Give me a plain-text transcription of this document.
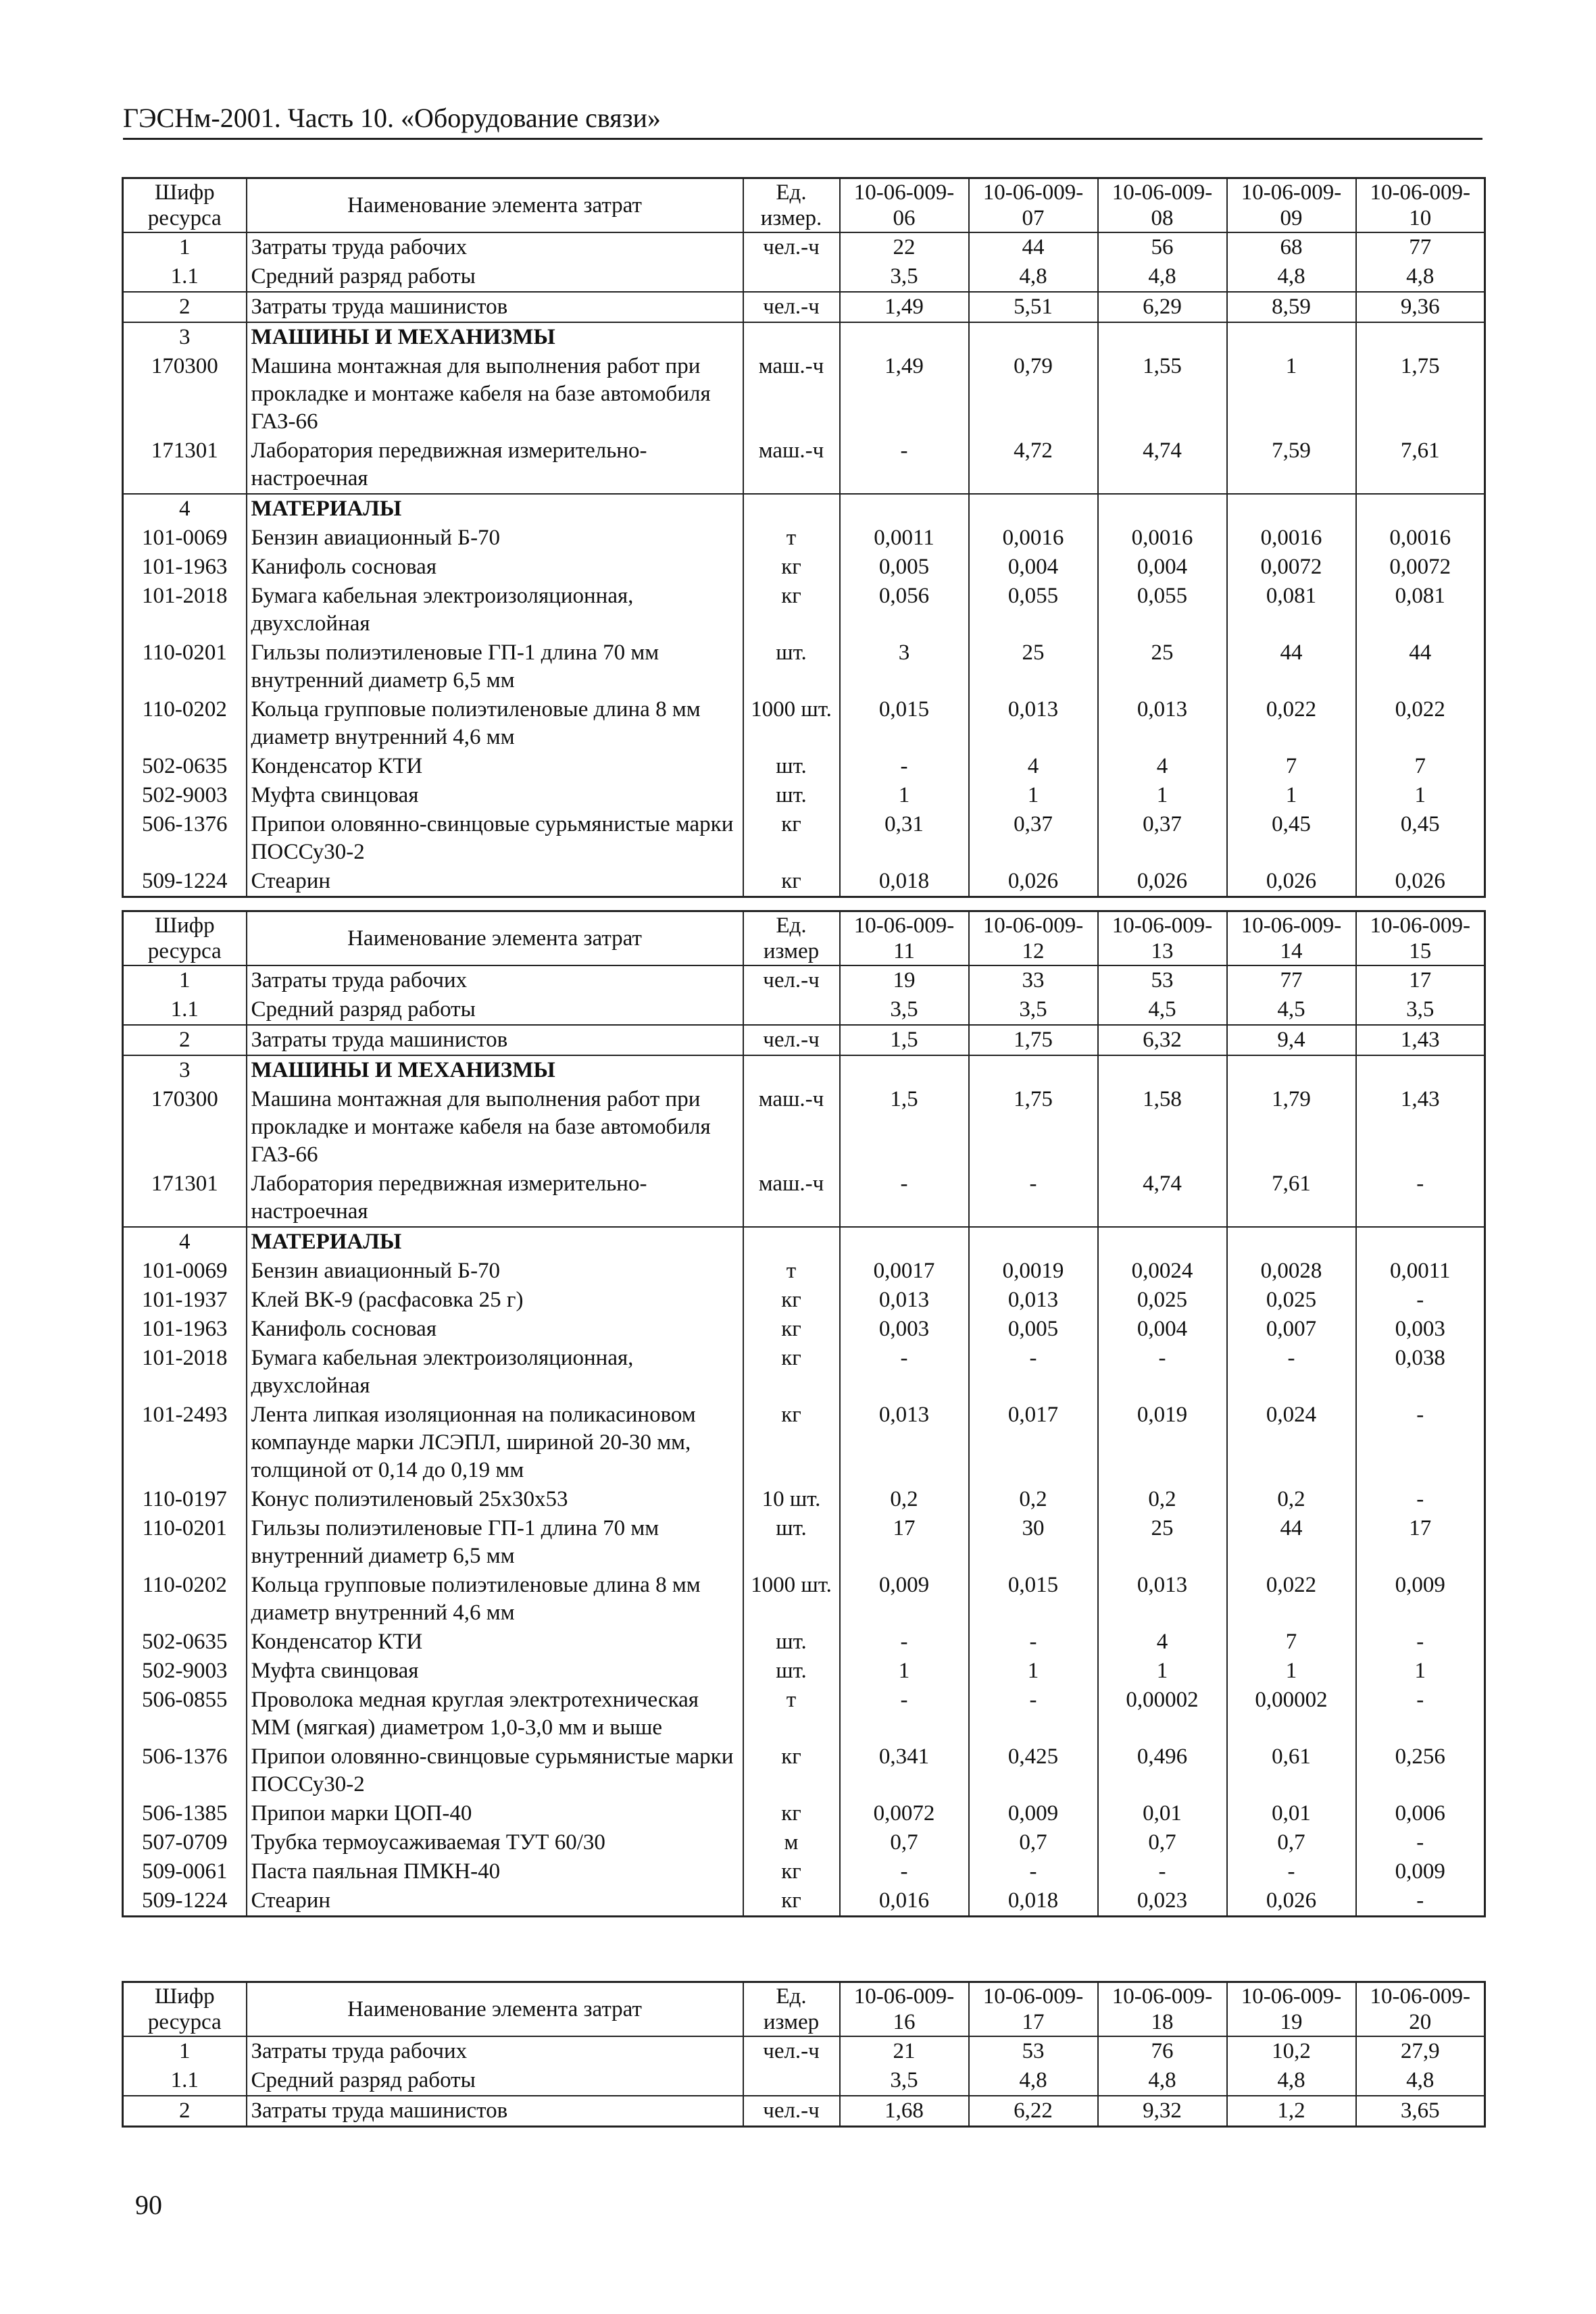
ГЭСНм-2001. Часть 10. «Оборудование связи»
Шифр ресурса	Наименование элемента затрат	Ед. измер.	10-06-009-06	10-06-009-07	10-06-009-08	10-06-009-09	10-06-009-10
1	Затраты труда рабочих	чел.-ч	22	44	56	68	77
1.1	Средний разряд работы		3,5	4,8	4,8	4,8	4,8
2	Затраты труда машинистов	чел.-ч	1,49	5,51	6,29	8,59	9,36
3	МАШИНЫ И МЕХАНИЗМЫ						
170300	Машина монтажная для выполнения работ при прокладке и монтаже кабеля на базе автомобиля ГАЗ-66	маш.-ч	1,49	0,79	1,55	1	1,75
171301	Лаборатория передвижная измерительно-настроечная	маш.-ч	-	4,72	4,74	7,59	7,61
4	МАТЕРИАЛЫ						
101-0069	Бензин авиационный Б-70	т	0,0011	0,0016	0,0016	0,0016	0,0016
101-1963	Канифоль сосновая	кг	0,005	0,004	0,004	0,0072	0,0072
101-2018	Бумага кабельная электроизоляционная, двухслойная	кг	0,056	0,055	0,055	0,081	0,081
110-0201	Гильзы полиэтиленовые ГП-1 длина 70 мм внутренний диаметр 6,5 мм	шт.	3	25	25	44	44
110-0202	Кольца групповые полиэтиленовые длина 8 мм диаметр внутренний 4,6 мм	1000 шт.	0,015	0,013	0,013	0,022	0,022
502-0635	Конденсатор КТИ	шт.	-	4	4	7	7
502-9003	Муфта свинцовая	шт.	1	1	1	1	1
506-1376	Припои оловянно-свинцовые сурьмянистые марки ПОССу30-2	кг	0,31	0,37	0,37	0,45	0,45
509-1224	Стеарин	кг	0,018	0,026	0,026	0,026	0,026
Шифр ресурса	Наименование элемента затрат	Ед. измер	10-06-009-11	10-06-009-12	10-06-009-13	10-06-009-14	10-06-009-15
1	Затраты труда рабочих	чел.-ч	19	33	53	77	17
1.1	Средний разряд работы		3,5	3,5	4,5	4,5	3,5
2	Затраты труда машинистов	чел.-ч	1,5	1,75	6,32	9,4	1,43
3	МАШИНЫ И МЕХАНИЗМЫ						
170300	Машина монтажная для выполнения работ при прокладке и монтаже кабеля на базе автомобиля ГАЗ-66	маш.-ч	1,5	1,75	1,58	1,79	1,43
171301	Лаборатория передвижная измерительно-настроечная	маш.-ч	-	-	4,74	7,61	-
4	МАТЕРИАЛЫ						
101-0069	Бензин авиационный Б-70	т	0,0017	0,0019	0,0024	0,0028	0,0011
101-1937	Клей ВК-9 (расфасовка 25 г)	кг	0,013	0,013	0,025	0,025	-
101-1963	Канифоль сосновая	кг	0,003	0,005	0,004	0,007	0,003
101-2018	Бумага кабельная электроизоляционная, двухслойная	кг	-	-	-	-	0,038
101-2493	Лента липкая изоляционная на поликасиновом компаунде марки ЛСЭПЛ, шириной 20-30 мм, толщиной от 0,14 до 0,19 мм	кг	0,013	0,017	0,019	0,024	-
110-0197	Конус полиэтиленовый 25х30х53	10 шт.	0,2	0,2	0,2	0,2	-
110-0201	Гильзы полиэтиленовые ГП-1 длина 70 мм внутренний диаметр 6,5 мм	шт.	17	30	25	44	17
110-0202	Кольца групповые полиэтиленовые длина 8 мм диаметр внутренний 4,6 мм	1000 шт.	0,009	0,015	0,013	0,022	0,009
502-0635	Конденсатор КТИ	шт.	-	-	4	7	-
502-9003	Муфта свинцовая	шт.	1	1	1	1	1
506-0855	Проволока медная круглая электротехническая ММ (мягкая) диаметром 1,0-3,0 мм и выше	т	-	-	0,00002	0,00002	-
506-1376	Припои оловянно-свинцовые сурьмянистые марки ПОССу30-2	кг	0,341	0,425	0,496	0,61	0,256
506-1385	Припои марки ЦОП-40	кг	0,0072	0,009	0,01	0,01	0,006
507-0709	Трубка термоусаживаемая ТУТ 60/30	м	0,7	0,7	0,7	0,7	-
509-0061	Паста паяльная ПМКН-40	кг	-	-	-	-	0,009
509-1224	Стеарин	кг	0,016	0,018	0,023	0,026	-
Шифр ресурса	Наименование элемента затрат	Ед. измер	10-06-009-16	10-06-009-17	10-06-009-18	10-06-009-19	10-06-009-20
1	Затраты труда рабочих	чел.-ч	21	53	76	10,2	27,9
1.1	Средний разряд работы		3,5	4,8	4,8	4,8	4,8
2	Затраты труда машинистов	чел.-ч	1,68	6,22	9,32	1,2	3,65
90
